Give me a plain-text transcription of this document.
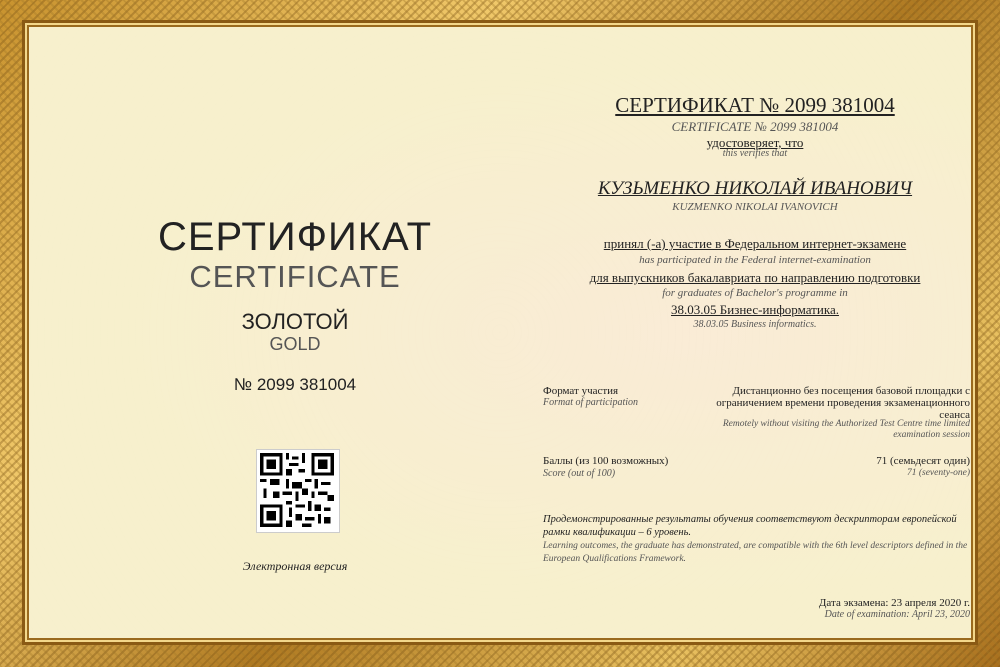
СЕРТИФИКАТ
CERTIFICATE
ЗОЛОТОЙ
GOLD
№ 2099 381004
Электронная версия
СЕРТИФИКАТ № 2099 381004
CERTIFICATE № 2099 381004
удостоверяет, что
this verifies that
КУЗЬМЕНКО НИКОЛАЙ ИВАНОВИЧ
KUZMENKO NIKOLAI IVANOVICH
принял (-а) участие в Федеральном интернет-экзамене
has participated in the Federal internet-examination
для выпускников бакалавриата по направлению подготовки
for graduates of Bachelor's programme in
38.03.05 Бизнес-информатика.
38.03.05 Business informatics.
Формат участия
Format of participation
Дистанционно без посещения базовой площадки с ограничением времени проведения экзаменационного сеанса
Remotely without visiting the Authorized Test Centre time limited examination session
Баллы (из 100 возможных)
Score (out of 100)
71 (семьдесят один)
71 (seventy-one)
Продемонстрированные результаты обучения соответствуют дескрипторам европейской рамки квалификации – 6 уровень.
Learning outcomes, the graduate has demonstrated, are compatible with the 6th level descriptors defined in the European Qualifications Framework.
Дата экзамена: 23 апреля 2020 г.
Date of examination: April 23, 2020
